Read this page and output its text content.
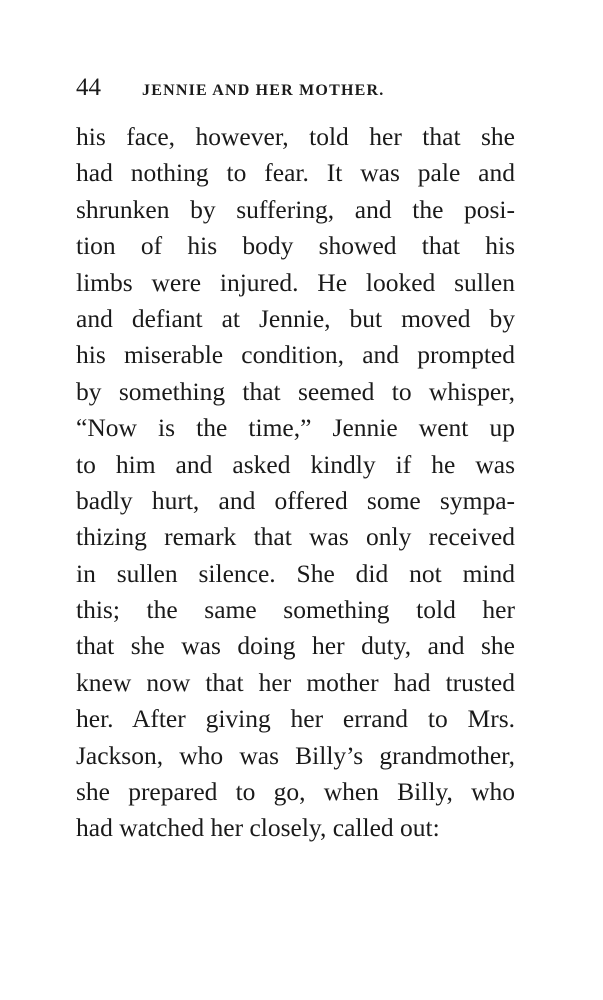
44	JENNIE AND HER MOTHER.
his face, however, told her that she
had nothing to fear. It was pale and
shrunken by suffering, and the posi-
tion of his body showed that his
limbs were injured. He looked sullen
and defiant at Jennie, but moved by
his miserable condition, and prompted
by something that seemed to whisper,
“Now is the time,” Jennie went up
to him and asked kindly if he was
badly hurt, and offered some sympa-
thizing remark that was only received
in sullen silence. She did not mind
this; the same something told her
that she was doing her duty, and she
knew now that her mother had trusted
her. After giving her errand to Mrs.
Jackson, who was Billy’s grandmother,
she prepared to go, when Billy, who
had watched her closely, called out:
